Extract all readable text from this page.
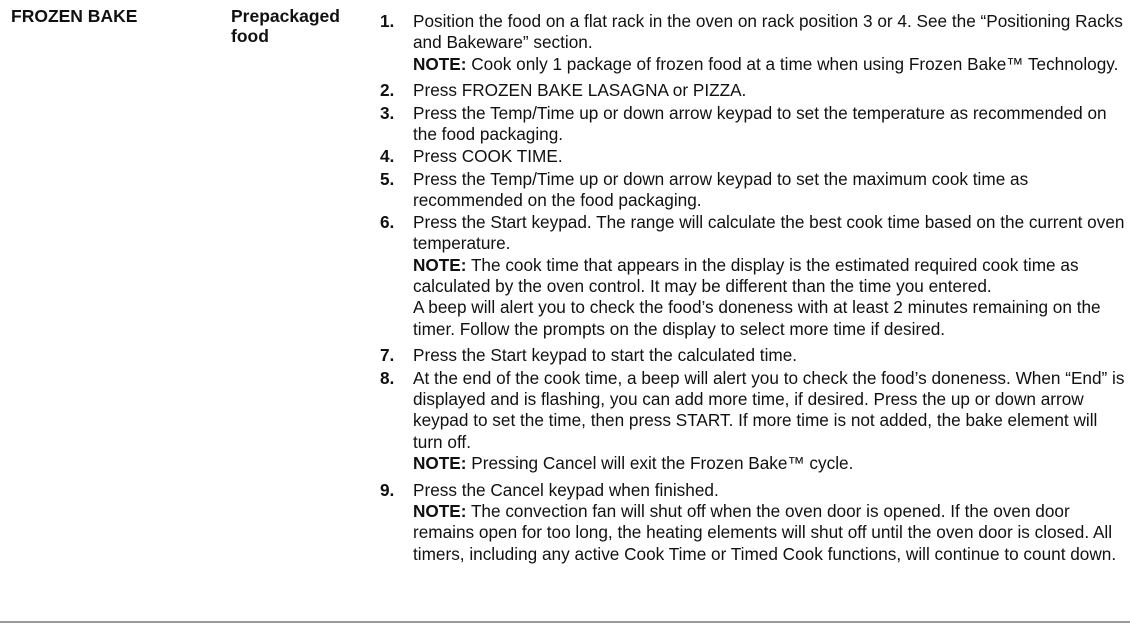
FROZEN BAKE	Prepackaged food
1. Position the food on a flat rack in the oven on rack position 3 or 4. See the “Positioning Racks and Bakeware” section.
NOTE: Cook only 1 package of frozen food at a time when using Frozen Bake™ Technology.
2. Press FROZEN BAKE LASAGNA or PIZZA.
3. Press the Temp/Time up or down arrow keypad to set the temperature as recommended on the food packaging.
4. Press COOK TIME.
5. Press the Temp/Time up or down arrow keypad to set the maximum cook time as recommended on the food packaging.
6. Press the Start keypad. The range will calculate the best cook time based on the current oven temperature.
NOTE: The cook time that appears in the display is the estimated required cook time as calculated by the oven control. It may be different than the time you entered.
A beep will alert you to check the food’s doneness with at least 2 minutes remaining on the timer. Follow the prompts on the display to select more time if desired.
7. Press the Start keypad to start the calculated time.
8. At the end of the cook time, a beep will alert you to check the food’s doneness. When “End” is displayed and is flashing, you can add more time, if desired. Press the up or down arrow keypad to set the time, then press START. If more time is not added, the bake element will turn off.
NOTE: Pressing Cancel will exit the Frozen Bake™ cycle.
9. Press the Cancel keypad when finished.
NOTE: The convection fan will shut off when the oven door is opened. If the oven door remains open for too long, the heating elements will shut off until the oven door is closed. All timers, including any active Cook Time or Timed Cook functions, will continue to count down.
